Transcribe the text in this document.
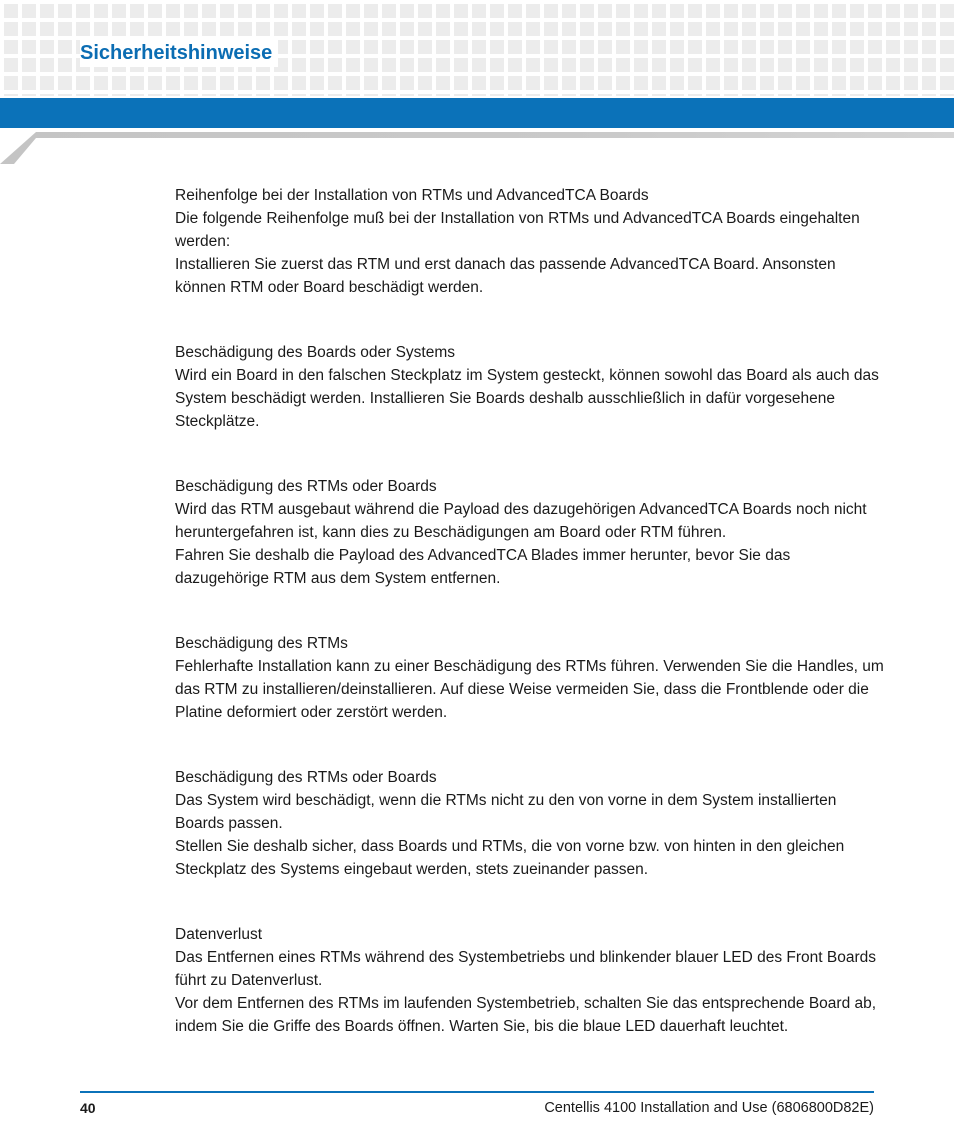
Sicherheitshinweise

Reihenfolge bei der Installation von RTMs und AdvancedTCA Boards

Die folgende Reihenfolge muß bei der Installation von RTMs und AdvancedTCA Boards eingehalten werden:

Installieren Sie zuerst das RTM und erst danach das passende AdvancedTCA Board. Ansonsten können RTM oder Board beschädigt werden.

Beschädigung des Boards oder Systems

Wird ein Board in den falschen Steckplatz im System gesteckt, können sowohl das Board als auch das System beschädigt werden. Installieren Sie Boards deshalb ausschließlich in dafür vorgesehene Steckplätze.

Beschädigung des RTMs oder Boards

Wird das RTM ausgebaut während die Payload des dazugehörigen AdvancedTCA Boards noch nicht heruntergefahren ist, kann dies zu Beschädigungen am Board oder RTM führen.

Fahren Sie deshalb die Payload des AdvancedTCA Blades immer herunter, bevor Sie das dazugehörige RTM aus dem System entfernen.

Beschädigung des RTMs

Fehlerhafte Installation kann zu einer Beschädigung des RTMs führen. Verwenden Sie die Handles, um das RTM zu installieren/deinstallieren. Auf diese Weise vermeiden Sie, dass die Frontblende oder die Platine deformiert oder zerstört werden.

Beschädigung des RTMs oder Boards

Das System wird beschädigt, wenn die RTMs nicht zu den von vorne in dem System installierten Boards passen.

Stellen Sie deshalb sicher, dass Boards und RTMs, die von vorne bzw. von hinten in den gleichen Steckplatz des Systems eingebaut werden, stets zueinander passen.

Datenverlust

Das Entfernen eines RTMs während des Systembetriebs und blinkender blauer LED des Front Boards führt zu Datenverlust.

Vor dem Entfernen des RTMs im laufenden Systembetrieb, schalten Sie das entsprechende Board ab, indem Sie die Griffe des Boards öffnen. Warten Sie, bis die blaue LED dauerhaft leuchtet.

40	Centellis 4100 Installation and Use (6806800D82E)
